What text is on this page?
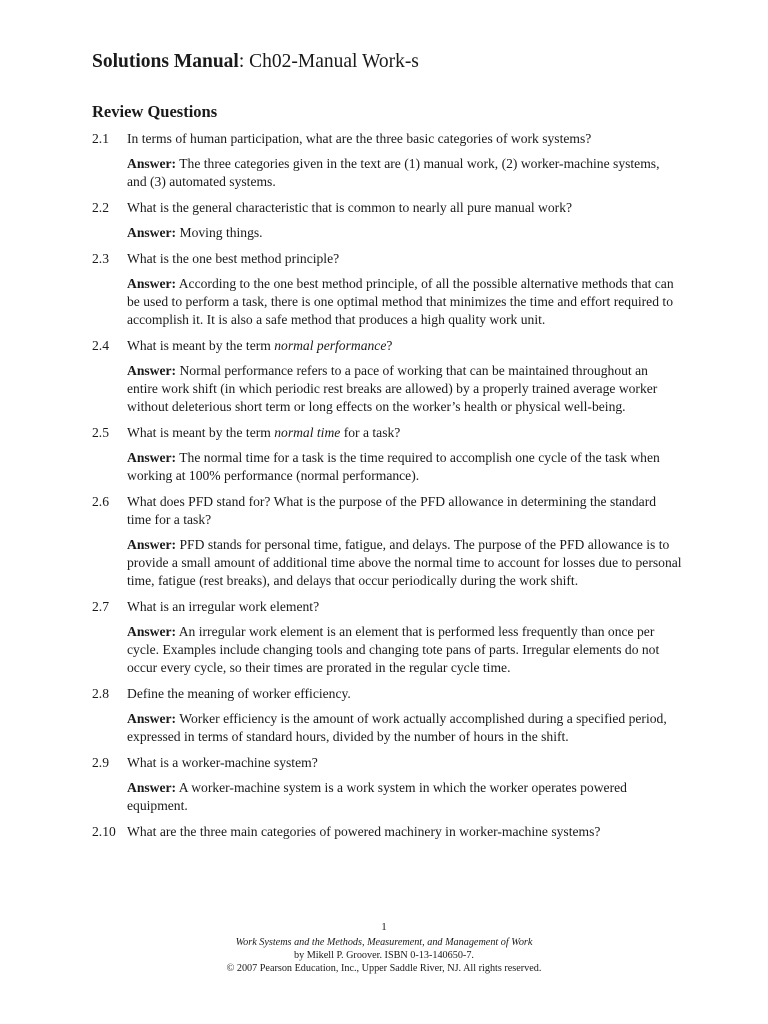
Solutions Manual: Ch02-Manual Work-s
Review Questions
2.1	In terms of human participation, what are the three basic categories of work systems?
Answer: The three categories given in the text are (1) manual work, (2) worker-machine systems, and (3) automated systems.
2.2	What is the general characteristic that is common to nearly all pure manual work?
Answer: Moving things.
2.3	What is the one best method principle?
Answer: According to the one best method principle, of all the possible alternative methods that can be used to perform a task, there is one optimal method that minimizes the time and effort required to accomplish it. It is also a safe method that produces a high quality work unit.
2.4	What is meant by the term normal performance?
Answer: Normal performance refers to a pace of working that can be maintained throughout an entire work shift (in which periodic rest breaks are allowed) by a properly trained average worker without deleterious short term or long effects on the worker’s health or physical well-being.
2.5	What is meant by the term normal time for a task?
Answer: The normal time for a task is the time required to accomplish one cycle of the task when working at 100% performance (normal performance).
2.6	What does PFD stand for? What is the purpose of the PFD allowance in determining the standard time for a task?
Answer: PFD stands for personal time, fatigue, and delays. The purpose of the PFD allowance is to provide a small amount of additional time above the normal time to account for losses due to personal time, fatigue (rest breaks), and delays that occur periodically during the work shift.
2.7	What is an irregular work element?
Answer: An irregular work element is an element that is performed less frequently than once per cycle. Examples include changing tools and changing tote pans of parts. Irregular elements do not occur every cycle, so their times are prorated in the regular cycle time.
2.8	Define the meaning of worker efficiency.
Answer: Worker efficiency is the amount of work actually accomplished during a specified period, expressed in terms of standard hours, divided by the number of hours in the shift.
2.9	What is a worker-machine system?
Answer: A worker-machine system is a work system in which the worker operates powered equipment.
2.10 What are the three main categories of powered machinery in worker-machine systems?
1
Work Systems and the Methods, Measurement, and Management of Work
by Mikell P. Groover. ISBN 0-13-140650-7.
© 2007 Pearson Education, Inc., Upper Saddle River, NJ. All rights reserved.
